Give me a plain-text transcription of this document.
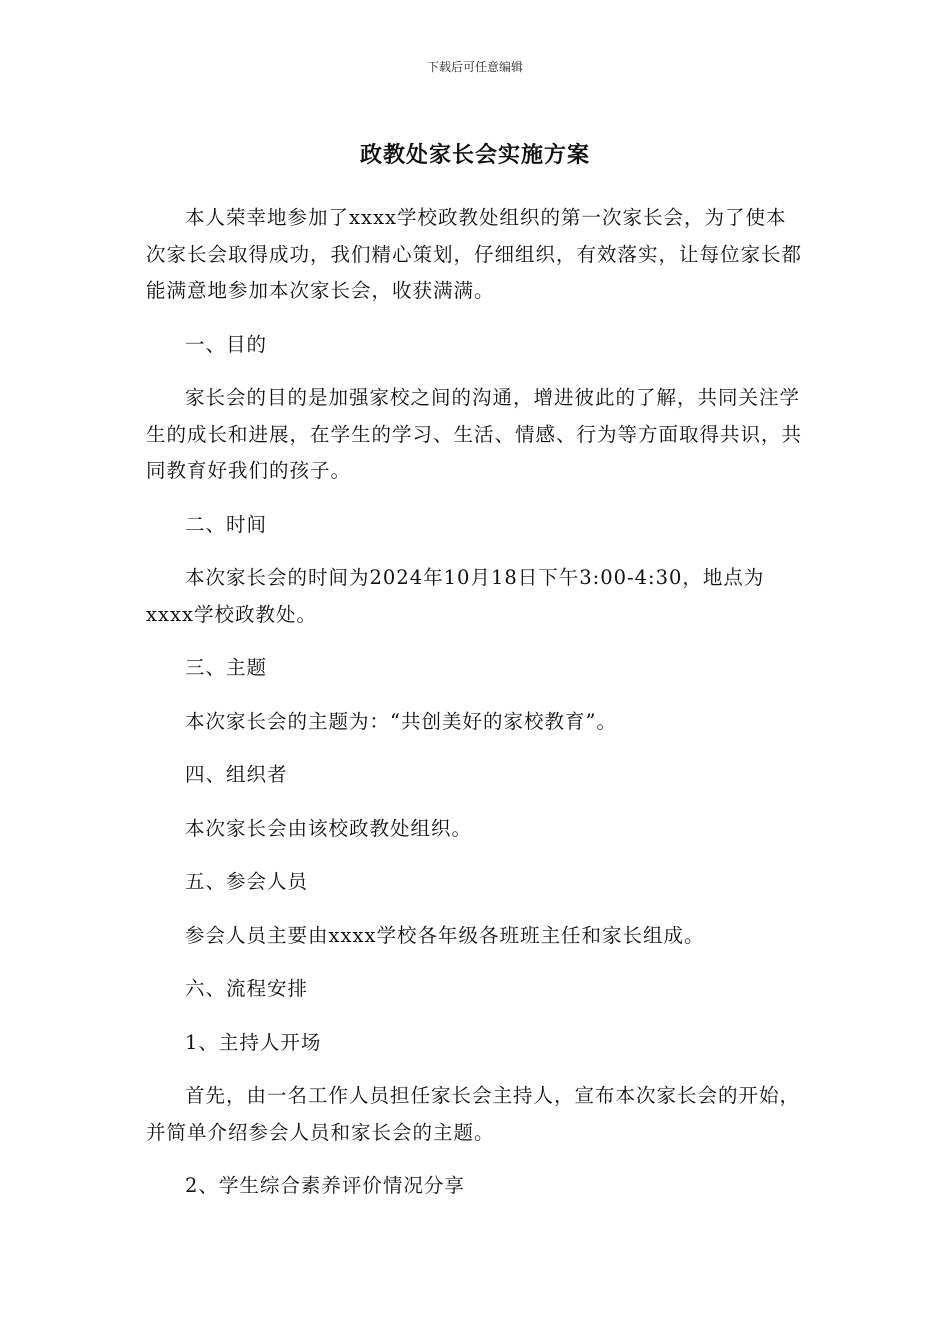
下载后可任意编辑
政教处家长会实施方案

本人荣幸地参加了xxxx学校政教处组织的第一次家长会，为了使本次家长会取得成功，我们精心策划，仔细组织，有效落实，让每位家长都能满意地参加本次家长会，收获满满。

一、目的

家长会的目的是加强家校之间的沟通，增进彼此的了解，共同关注学生的成长和进展，在学生的学习、生活、情感、行为等方面取得共识，共同教育好我们的孩子。

二、时间

本次家长会的时间为2024年10月18日下午3:00-4:30，地点为xxxx学校政教处。

三、主题

本次家长会的主题为：“共创美好的家校教育”。

四、组织者

本次家长会由该校政教处组织。

五、参会人员

参会人员主要由xxxx学校各年级各班班主任和家长组成。

六、流程安排

1、主持人开场

首先，由一名工作人员担任家长会主持人，宣布本次家长会的开始，并简单介绍参会人员和家长会的主题。

2、学生综合素养评价情况分享
